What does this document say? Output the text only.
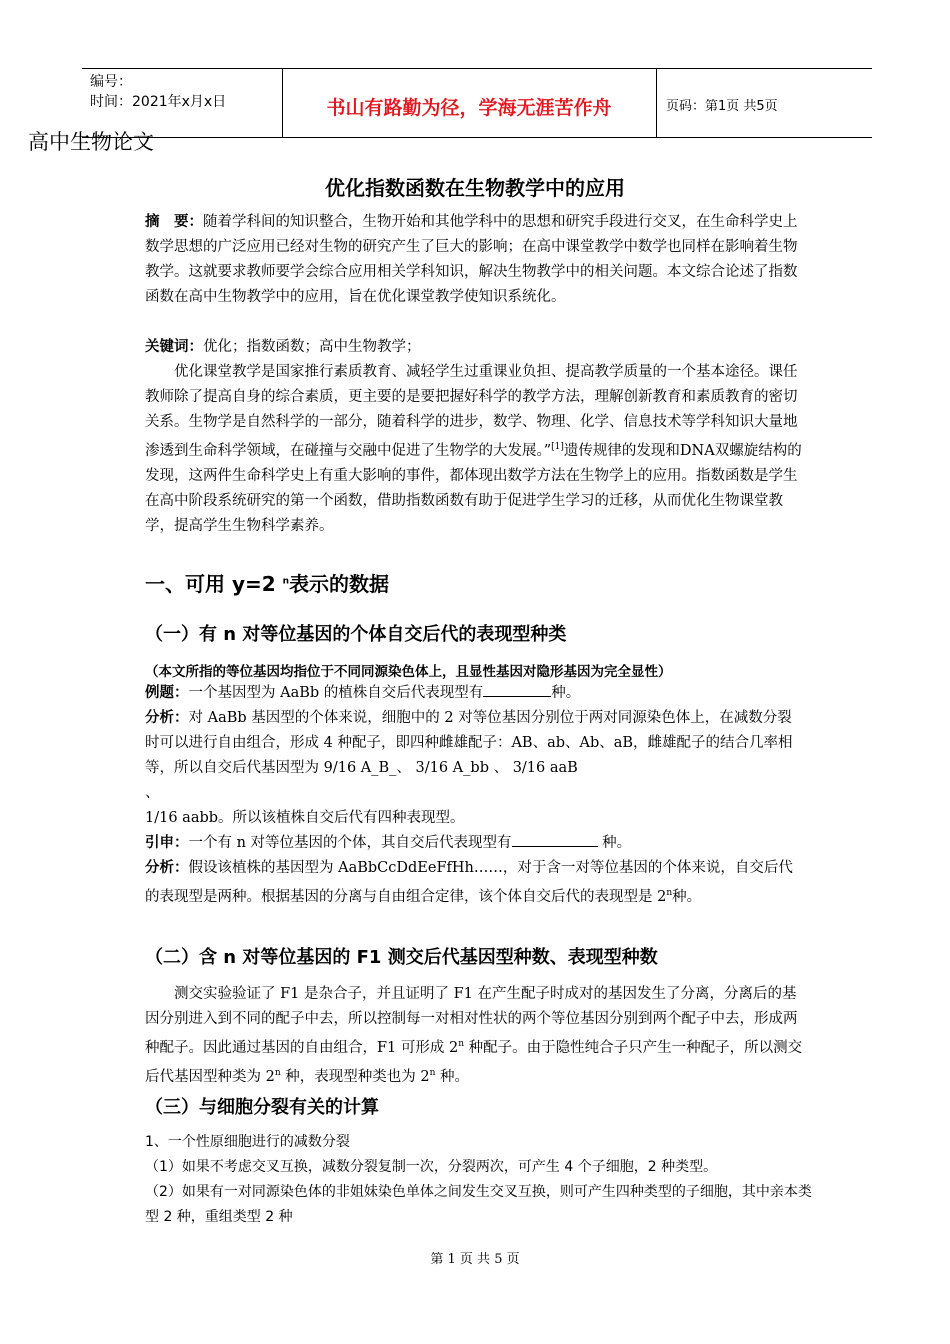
编号：
时间：2021年x月x日	书山有路勤为径，学海无涯苦作舟	页码：第1页 共5页
高中生物论文
优化指数函数在生物教学中的应用
摘　要：随着学科间的知识整合，生物开始和其他学科中的思想和研究手段进行交叉，在生命科学史上数学思想的广泛应用已经对生物的研究产生了巨大的影响；在高中课堂教学中数学也同样在影响着生物教学。这就要求教师要学会综合应用相关学科知识，解决生物教学中的相关问题。本文综合论述了指数函数在高中生物教学中的应用，旨在优化课堂教学使知识系统化。
关键词：优化；指数函数；高中生物教学；
优化课堂教学是国家推行素质教育、减轻学生过重课业负担、提高教学质量的一个基本途径。课任教师除了提高自身的综合素质，更主要的是要把握好科学的教学方法，理解创新教育和素质教育的密切关系。生物学是自然科学的一部分，随着科学的进步，数学、物理、化学、信息技术等学科知识大量地渗透到生命科学领域，在碰撞与交融中促进了生物学的大发展。”[1]遗传规律的发现和DNA双螺旋结构的发现，这两件生命科学史上有重大影响的事件，都体现出数学方法在生物学上的应用。指数函数是学生在高中阶段系统研究的第一个函数，借助指数函数有助于促进学生学习的迁移，从而优化生物课堂教学，提高学生生物科学素养。
一、可用 y=2 $^n$表示的数据
（一）有 n 对等位基因的个体自交后代的表现型种类
（本文所指的等位基因均指位于不同同源染色体上，且显性基因对隐形基因为完全显性）
例题：一个基因型为 AaBb 的植株自交后代表现型有	种。
分析：对 AaBb 基因型的个体来说，细胞中的 2 对等位基因分别位于两对同源染色体上，在减数分裂时可以进行自由组合，形成 4 种配子，即四种雌雄配子：AB、ab、Ab、aB，雌雄配子的结合几率相等，所以自交后代基因型为 9/16 A_B_、 3/16 A_bb 、 3/16 aaB
、
1/16 aabb。所以该植株自交后代有四种表现型。
引申：一个有 n 对等位基因的个体，其自交后代表现型有	种。
分析：假设该植株的基因型为 AaBbCcDdEeFfHh……，对于含一对等位基因的个体来说，自交后代的表现型是两种。根据基因的分离与自由组合定律，该个体自交后代的表现型是 2$^n$种。
（二）含 n 对等位基因的 F1 测交后代基因型种数、表现型种数
测交实验验证了 F1 是杂合子，并且证明了 F1 在产生配子时成对的基因发生了分离，分离后的基因分别进入到不同的配子中去，所以控制每一对相对性状的两个等位基因分别到两个配子中去，形成两种配子。因此通过基因的自由组合，F1 可形成 2$^n$ 种配子。由于隐性纯合子只产生一种配子，所以测交后代基因型种类为 2$^n$ 种，表现型种类也为 2$^n$ 种。
（三）与细胞分裂有关的计算
1、一个性原细胞进行的减数分裂
（1）如果不考虑交叉互换，减数分裂复制一次，分裂两次，可产生 4 个子细胞，2 种类型。
（2）如果有一对同源染色体的非姐妹染色单体之间发生交叉互换，则可产生四种类型的子细胞，其中亲本类型 2 种，重组类型 2 种
第 1 页 共 5 页
